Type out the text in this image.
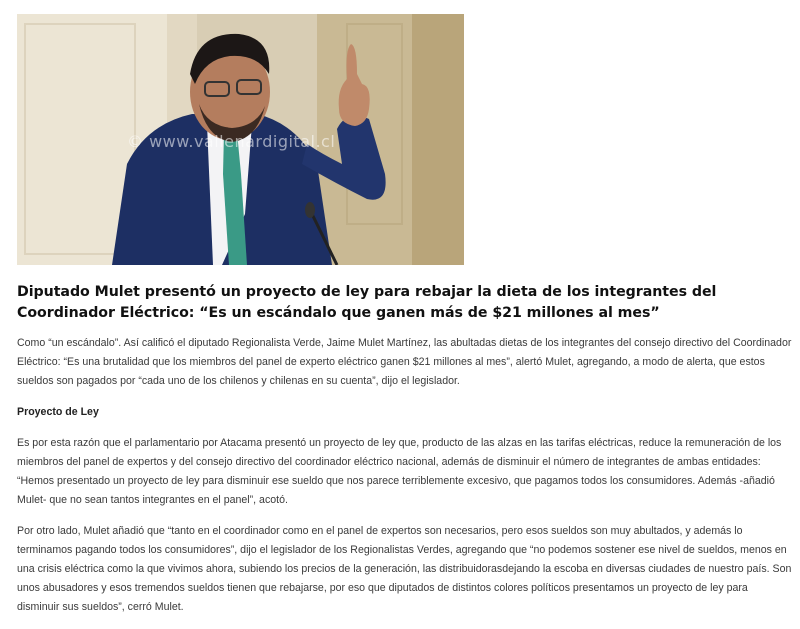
© www.vallenardigital.cl
Diputado Mulet presentó un proyecto de ley para rebajar la dieta de los integrantes del Coordinador Eléctrico: “Es un escándalo que ganen más de $21 millones al mes”

Como “un escándalo”. Así calificó el diputado Regionalista Verde, Jaime Mulet Martínez, las abultadas dietas de los integrantes del consejo directivo del Coordinador Eléctrico: “Es una brutalidad que los miembros del panel de experto eléctrico ganen $21 millones al mes”, alertó Mulet, agregando, a modo de alerta, que estos sueldos son pagados por “cada uno de los chilenos y chilenas en su cuenta”, dijo el legislador.

Proyecto de Ley

Es por esta razón que el parlamentario por Atacama presentó un proyecto de ley que, producto de las alzas en las tarifas eléctricas, reduce la remuneración de los miembros del panel de expertos y del consejo directivo del coordinador eléctrico nacional, además de disminuir el número de integrantes de ambas entidades: “Hemos presentado un proyecto de ley para disminuir ese sueldo que nos parece terriblemente excesivo, que pagamos todos los consumidores. Además -añadió Mulet- que no sean tantos integrantes en el panel”, acotó.

Por otro lado, Mulet añadió que “tanto en el coordinador como en el panel de expertos son necesarios, pero esos sueldos son muy abultados, y además lo terminamos pagando todos los consumidores”, dijo el legislador de los Regionalistas Verdes, agregando que “no podemos sostener ese nivel de sueldos, menos en una crisis eléctrica como la que vivimos ahora, subiendo los precios de la generación, las distribuidorasdejando la escoba en diversas ciudades de nuestro país. Son unos abusadores y esos tremendos sueldos tienen que rebajarse, por eso que diputados de distintos colores políticos presentamos un proyecto de ley para disminuir sus sueldos”, cerró Mulet.
